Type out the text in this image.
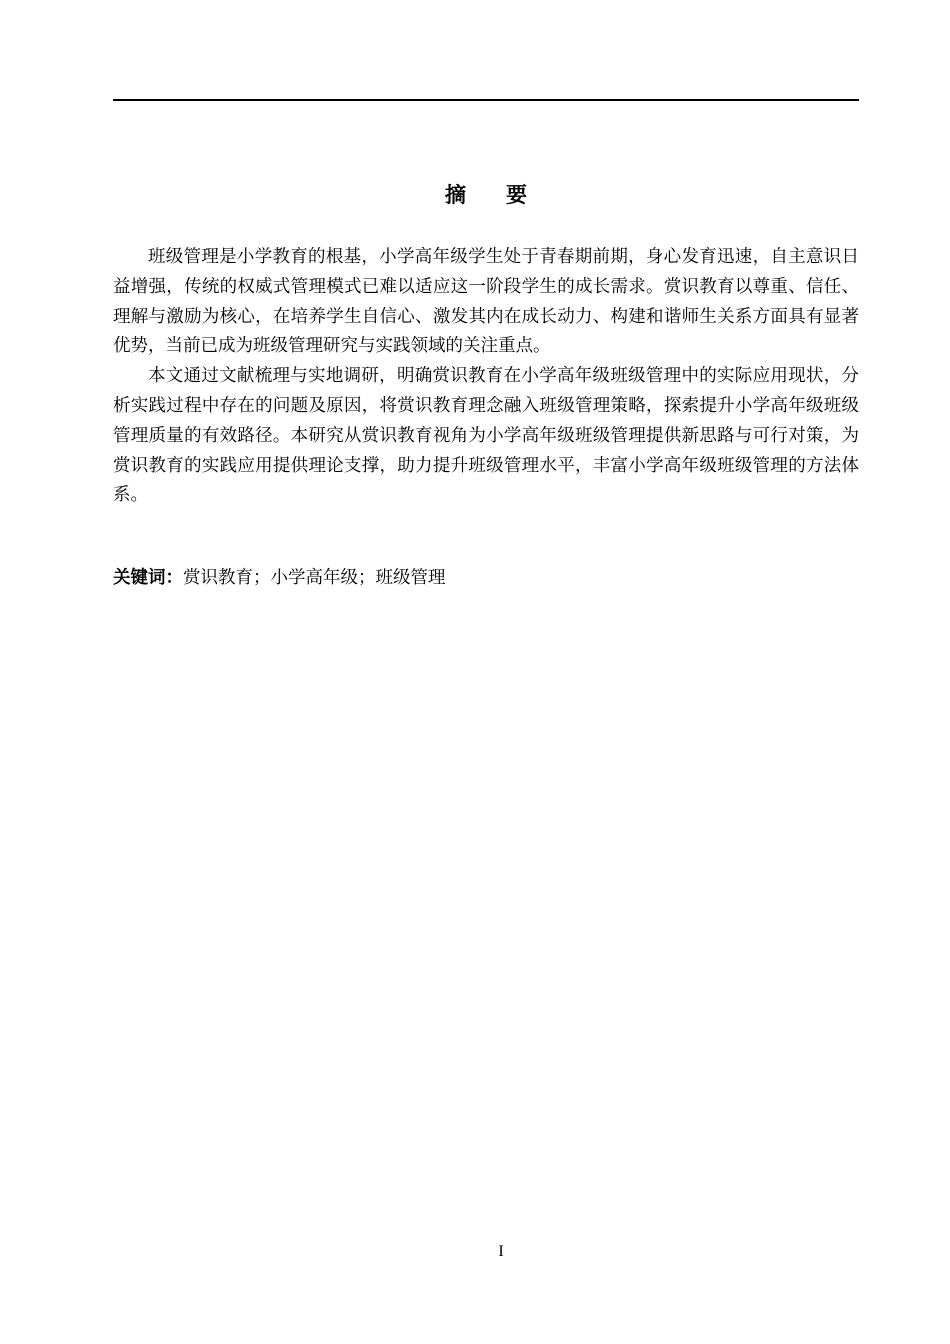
摘要

班级管理是小学教育的根基，小学高年级学生处于青春期前期，身心发育迅速，自主意识日益增强，传统的权威式管理模式已难以适应这一阶段学生的成长需求。赏识教育以尊重、信任、理解与激励为核心，在培养学生自信心、激发其内在成长动力、构建和谐师生关系方面具有显著优势，当前已成为班级管理研究与实践领域的关注重点。

本文通过文献梳理与实地调研，明确赏识教育在小学高年级班级管理中的实际应用现状，分析实践过程中存在的问题及原因，将赏识教育理念融入班级管理策略，探索提升小学高年级班级管理质量的有效路径。本研究从赏识教育视角为小学高年级班级管理提供新思路与可行对策，为赏识教育的实践应用提供理论支撑，助力提升班级管理水平，丰富小学高年级班级管理的方法体系。

关键词：赏识教育；小学高年级；班级管理
I
